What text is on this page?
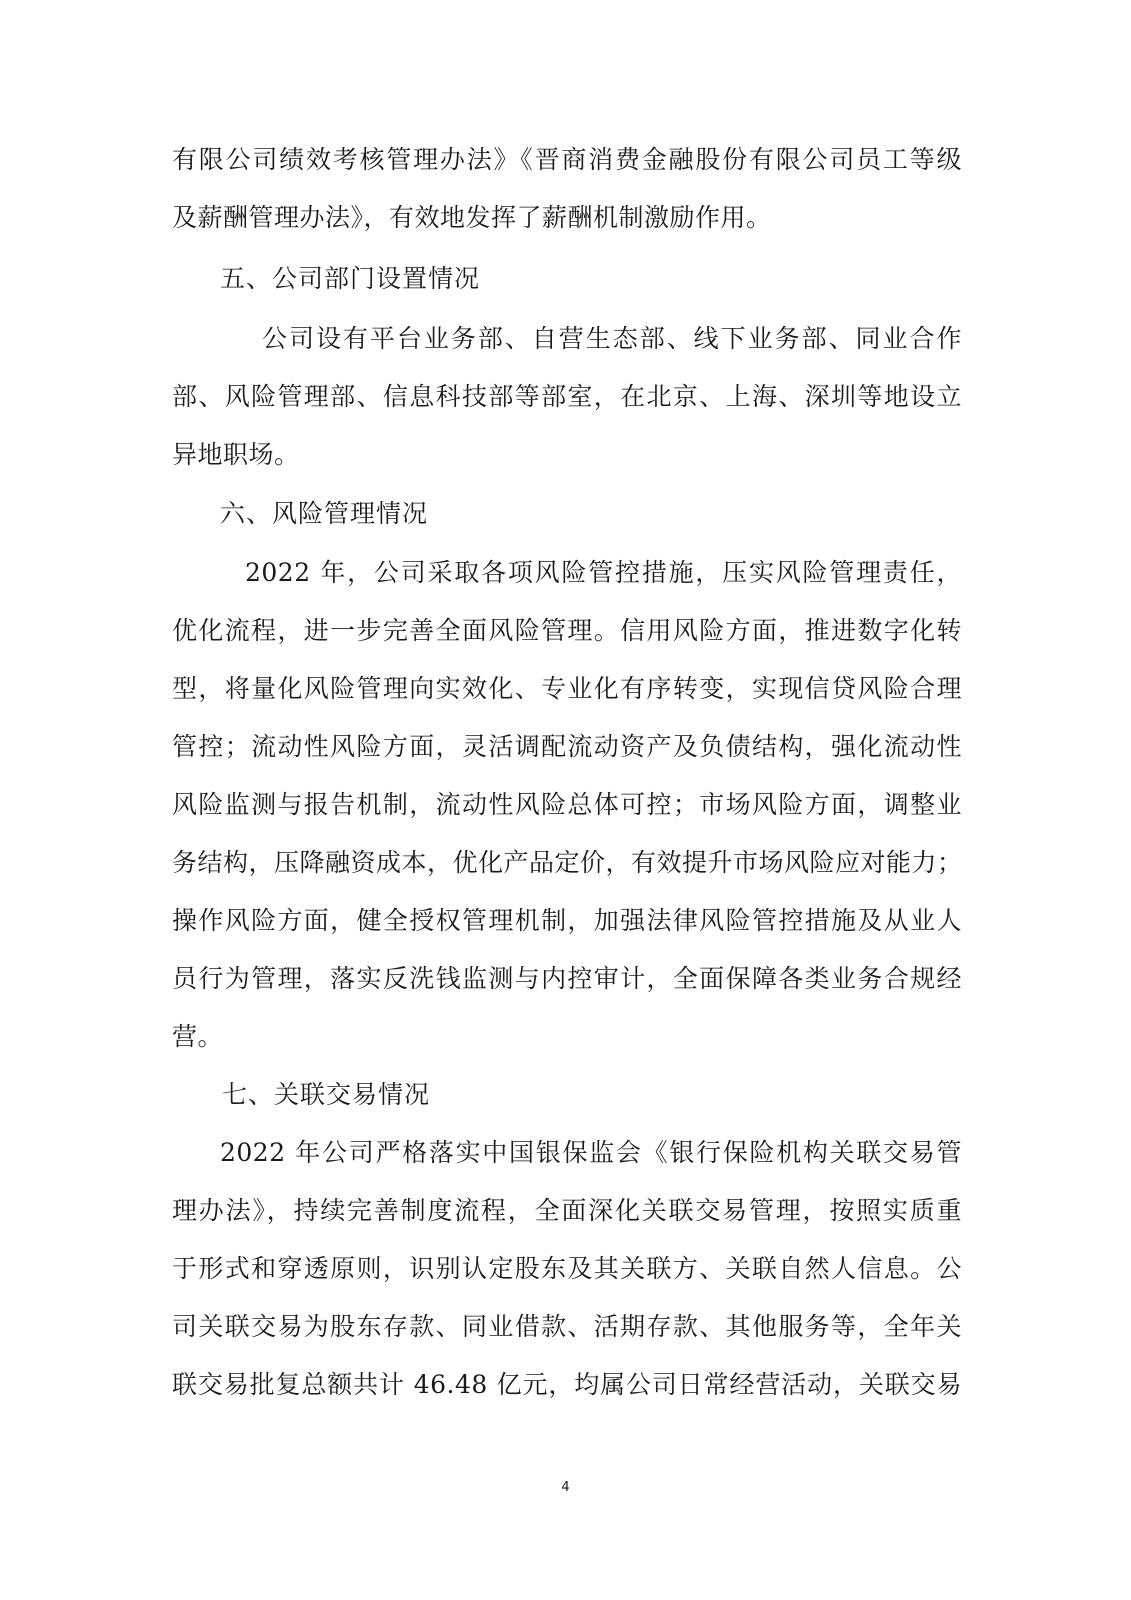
有限公司绩效考核管理办法》《晋商消费金融股份有限公司员工等级
及薪酬管理办法》，有效地发挥了薪酬机制激励作用。
五、公司部门设置情况
公司设有平台业务部、自营生态部、线下业务部、同业合作
部、风险管理部、信息科技部等部室，在北京、上海、深圳等地设立
异地职场。
六、风险管理情况
2022 年，公司采取各项风险管控措施，压实风险管理责任，
优化流程，进一步完善全面风险管理。信用风险方面，推进数字化转
型，将量化风险管理向实效化、专业化有序转变，实现信贷风险合理
管控；流动性风险方面，灵活调配流动资产及负债结构，强化流动性
风险监测与报告机制，流动性风险总体可控；市场风险方面，调整业
务结构，压降融资成本，优化产品定价，有效提升市场风险应对能力；
操作风险方面，健全授权管理机制，加强法律风险管控措施及从业人
员行为管理，落实反洗钱监测与内控审计，全面保障各类业务合规经
营。
七、关联交易情况
2022 年公司严格落实中国银保监会《银行保险机构关联交易管
理办法》，持续完善制度流程，全面深化关联交易管理，按照实质重
于形式和穿透原则，识别认定股东及其关联方、关联自然人信息。公
司关联交易为股东存款、同业借款、活期存款、其他服务等，全年关
联交易批复总额共计 46.48 亿元，均属公司日常经营活动，关联交易
4
